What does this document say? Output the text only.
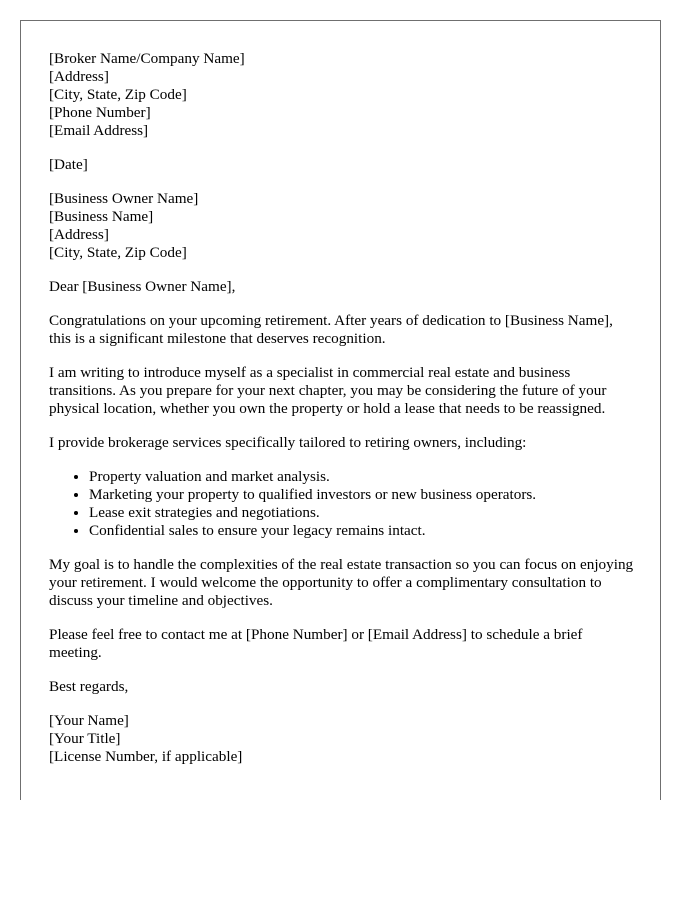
[Broker Name/Company Name]
[Address]
[City, State, Zip Code]
[Phone Number]
[Email Address]
[Date]
[Business Owner Name]
[Business Name]
[Address]
[City, State, Zip Code]

Dear [Business Owner Name],

Congratulations on your upcoming retirement. After years of dedication to [Business Name], this is a significant milestone that deserves recognition.

I am writing to introduce myself as a specialist in commercial real estate and business transitions. As you prepare for your next chapter, you may be considering the future of your physical location, whether you own the property or hold a lease that needs to be reassigned.

I provide brokerage services specifically tailored to retiring owners, including:

• Property valuation and market analysis.
• Marketing your property to qualified investors or new business operators.
• Lease exit strategies and negotiations.
• Confidential sales to ensure your legacy remains intact.

My goal is to handle the complexities of the real estate transaction so you can focus on enjoying your retirement. I would welcome the opportunity to offer a complimentary consultation to discuss your timeline and objectives.

Please feel free to contact me at [Phone Number] or [Email Address] to schedule a brief meeting.

Best regards,

[Your Name]
[Your Title]
[License Number, if applicable]
